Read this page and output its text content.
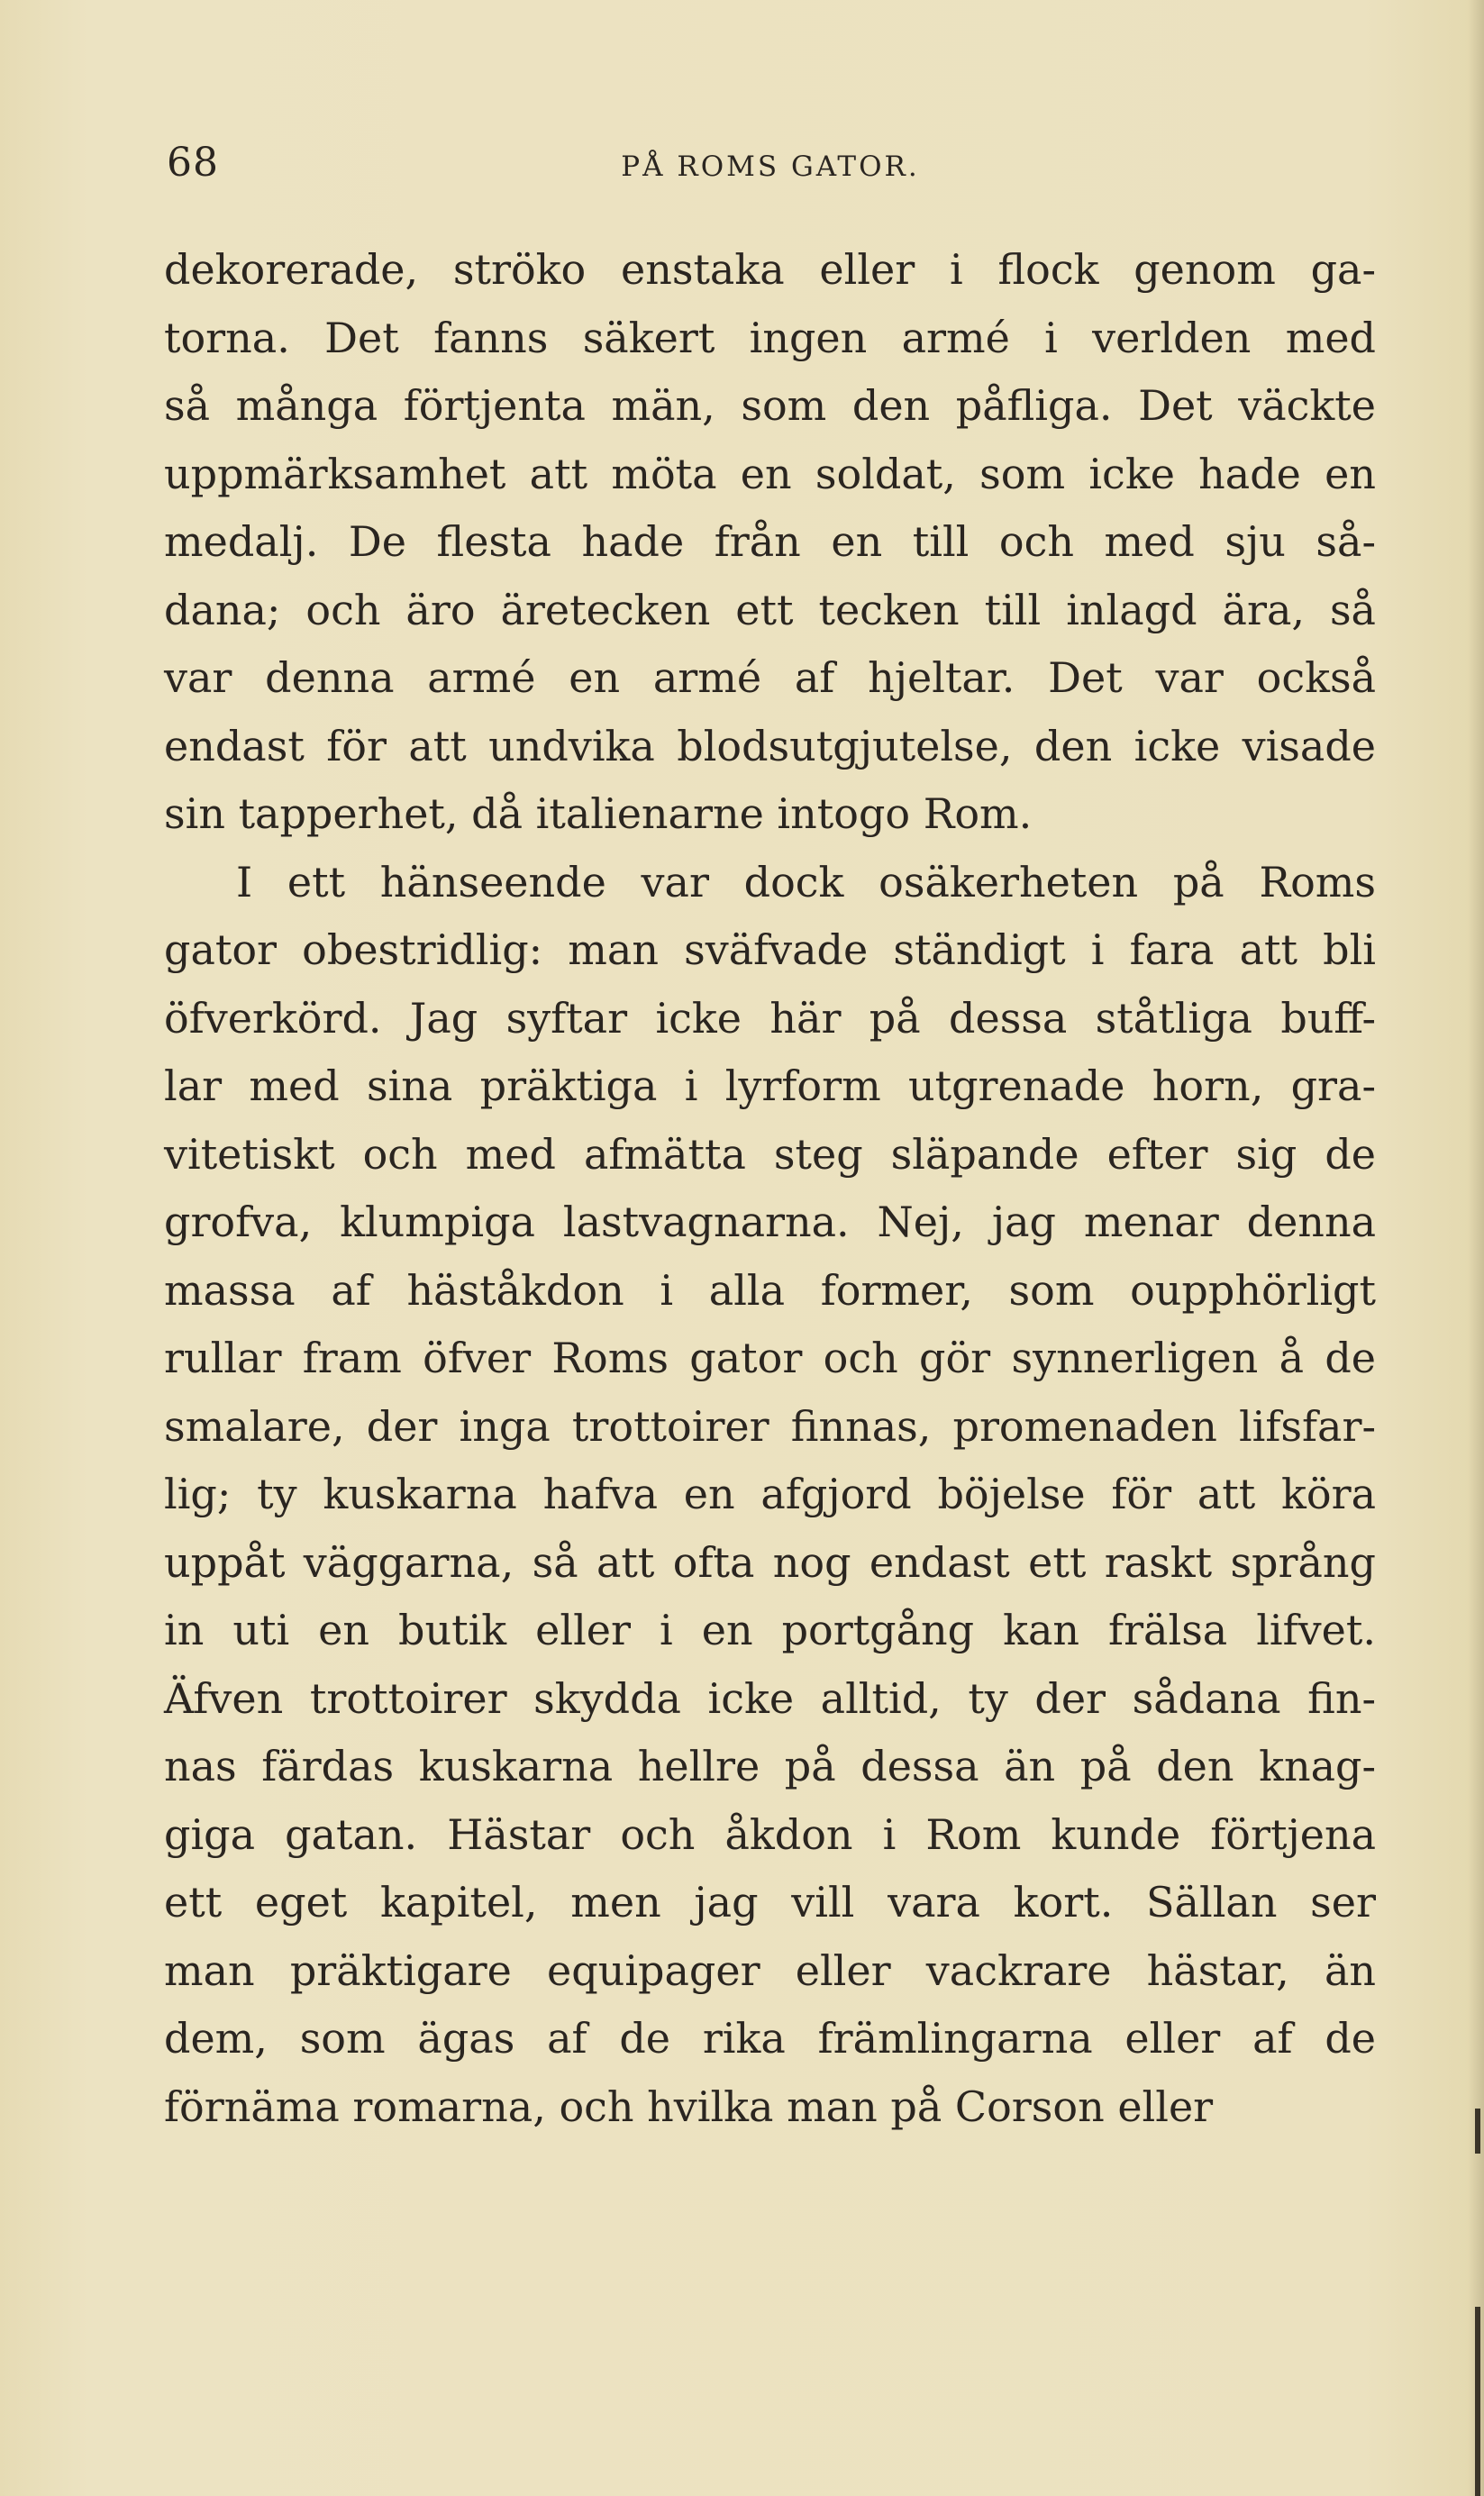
68	PÅ ROMS GATOR.
dekorerade, ströko enstaka eller i flock genom ga-
torna. Det fanns säkert ingen armé i verlden med
så många förtjenta män, som den påfliga. Det väckte
uppmärksamhet att möta en soldat, som icke hade en
medalj. De flesta hade från en till och med sju så-
dana; och äro äretecken ett tecken till inlagd ära, så
var denna armé en armé af hjeltar. Det var också
endast för att undvika blodsutgjutelse, den icke visade
sin tapperhet, då italienarne intogo Rom.
I ett hänseende var dock osäkerheten på Roms
gator obestridlig: man sväfvade ständigt i fara att bli
öfverkörd. Jag syftar icke här på dessa ståtliga buff-
lar med sina präktiga i lyrform utgrenade horn, gra-
vitetiskt och med afmätta steg släpande efter sig de
grofva, klumpiga lastvagnarna. Nej, jag menar denna
massa af häståkdon i alla former, som oupphörligt
rullar fram öfver Roms gator och gör synnerligen å de
smalare, der inga trottoirer finnas, promenaden lifsfar-
lig; ty kuskarna hafva en afgjord böjelse för att köra
uppåt väggarna, så att ofta nog endast ett raskt språng
in uti en butik eller i en portgång kan frälsa lifvet.
Äfven trottoirer skydda icke alltid, ty der sådana fin-
nas färdas kuskarna hellre på dessa än på den knag-
giga gatan. Hästar och åkdon i Rom kunde förtjena
ett eget kapitel, men jag vill vara kort. Sällan ser
man präktigare equipager eller vackrare hästar, än
dem, som ägas af de rika främlingarna eller af de
förnäma romarna, och hvilka man på Corson eller
